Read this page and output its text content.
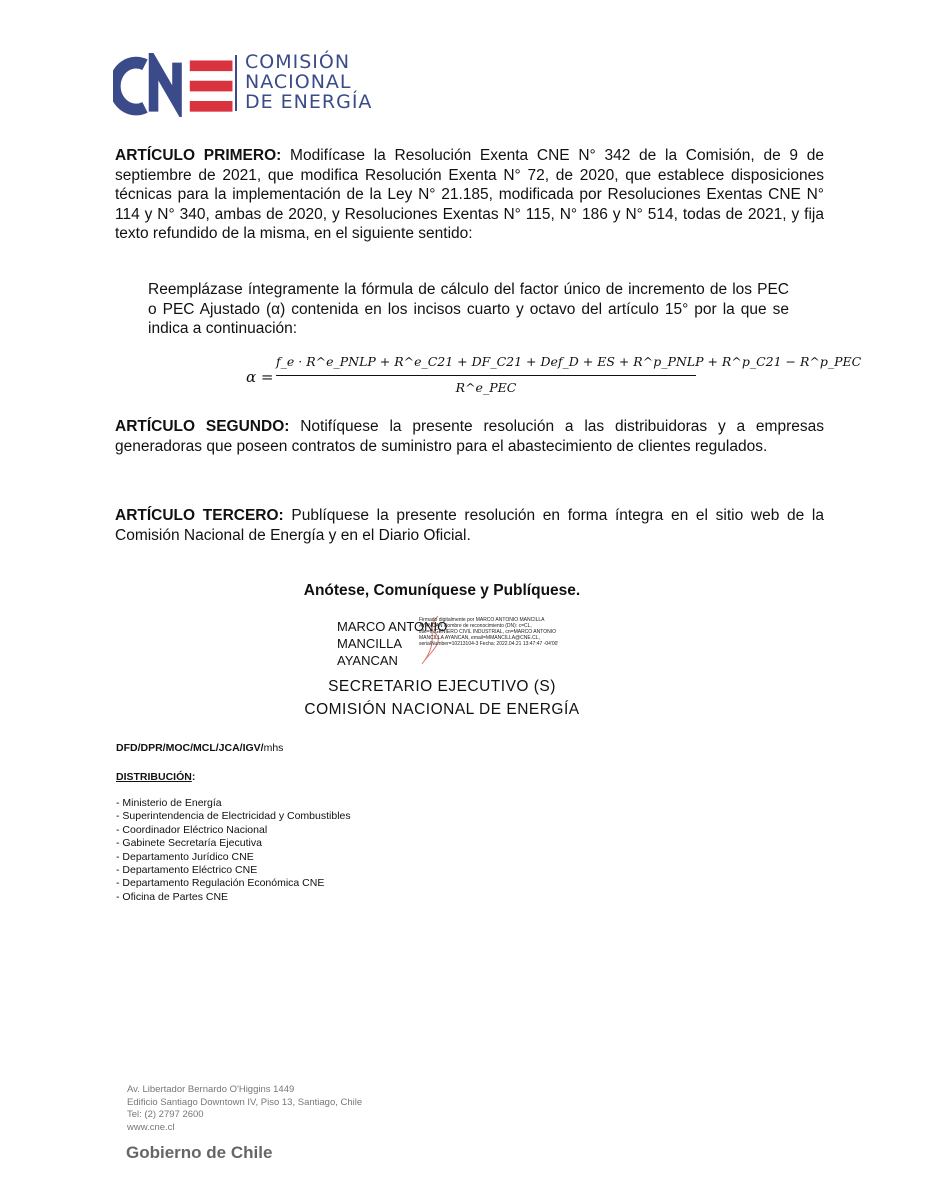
COMISIÓN
NACIONAL
DE ENERGÍA
ARTÍCULO PRIMERO: Modifícase la Resolución Exenta CNE N° 342 de la Comisión, de 9 de septiembre de 2021, que modifica Resolución Exenta N° 72, de 2020, que establece disposiciones técnicas para la implementación de la Ley N° 21.185, modificada por Resoluciones Exentas CNE N° 114 y N° 340, ambas de 2020, y Resoluciones Exentas N° 115, N° 186 y N° 514, todas de 2021, y fija texto refundido de la misma, en el siguiente sentido:
Reemplázase íntegramente la fórmula de cálculo del factor único de incremento de los PEC o PEC Ajustado (α) contenida en los incisos cuarto y octavo del artículo 15° por la que se indica a continuación:
α =
f_e · R^e_PNLP + R^e_C21 + DF_C21 + Def_D + ES + R^p_PNLP + R^p_C21 − R^p_PEC
R^e_PEC
ARTÍCULO SEGUNDO: Notifíquese la presente resolución a las distribuidoras y a empresas generadoras que poseen contratos de suministro para el abastecimiento de clientes regulados.
ARTÍCULO TERCERO: Publíquese la presente resolución en forma íntegra en el sitio web de la Comisión Nacional de Energía y en el Diario Oficial.
Anótese, Comuníquese y Publíquese.
MARCO ANTONIO
MANCILLA
AYANCAN
Firmado digitalmente por MARCO ANTONIO MANCILLA AYANCAN Nombre de reconocimiento (DN): c=CL, title=INGENIERO CIVIL INDUSTRIAL, cn=MARCO ANTONIO MANCILLA AYANCAN, email=MMANCILLA@CNE.CL, serialNumber=10213104-3 Fecha: 2022.04.21 13:47:47 -04'00'
SECRETARIO EJECUTIVO (S)
COMISIÓN NACIONAL DE ENERGÍA
DFD/DPR/MOC/MCL/JCA/IGV/mhs
DISTRIBUCIÓN:
- Ministerio de Energía
- Superintendencia de Electricidad y Combustibles
- Coordinador Eléctrico Nacional
- Gabinete Secretaría Ejecutiva
- Departamento Jurídico CNE
- Departamento Eléctrico CNE
- Departamento Regulación Económica CNE
- Oficina de Partes CNE
Av. Libertador Bernardo O'Higgins 1449
Edificio Santiago Downtown IV, Piso 13, Santiago, Chile
Tel: (2) 2797 2600
www.cne.cl
Gobierno de Chile
